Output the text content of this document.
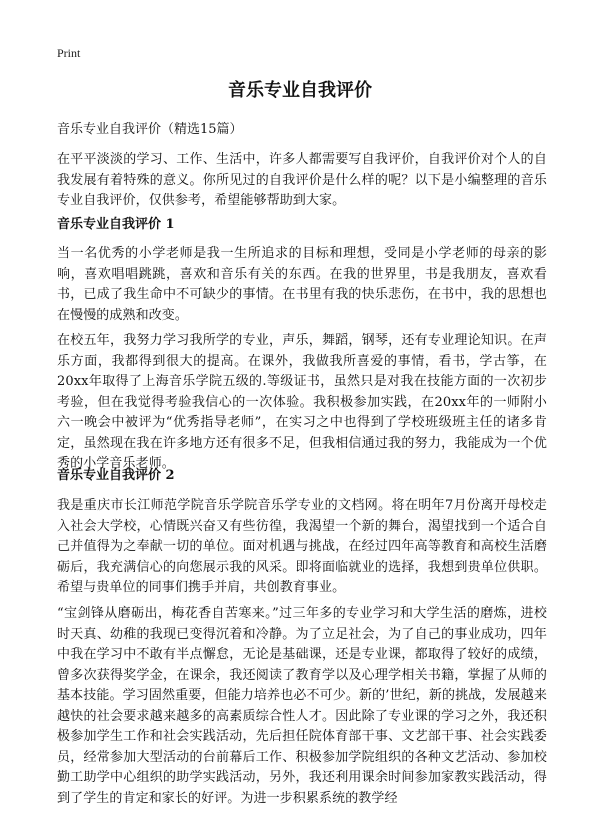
Print
音乐专业自我评价
音乐专业自我评价（精选15篇）

在平平淡淡的学习、工作、生活中，许多人都需要写自我评价，自我评价对个人的自我发展有着特殊的意义。你所见过的自我评价是什么样的呢？以下是小编整理的音乐专业自我评价，仅供参考，希望能够帮助到大家。

音乐专业自我评价 1

当一名优秀的小学老师是我一生所追求的目标和理想，受同是小学老师的母亲的影响，喜欢唱唱跳跳，喜欢和音乐有关的东西。在我的世界里，书是我朋友，喜欢看书，已成了我生命中不可缺少的事情。在书里有我的快乐悲伤，在书中，我的思想也在慢慢的成熟和改变。

在校五年，我努力学习我所学的专业，声乐，舞蹈，钢琴，还有专业理论知识。在声乐方面，我都得到很大的提高。在课外，我做我所喜爱的事情，看书，学古筝，在20xx年取得了上海音乐学院五级的.等级证书，虽然只是对我在技能方面的一次初步考验，但在我觉得考验我信心的一次体验。我积极参加实践，在20xx年的一师附小六一晚会中被评为“优秀指导老师”，在实习之中也得到了学校班级班主任的诸多肯定，虽然现在我在许多地方还有很多不足，但我相信通过我的努力，我能成为一个优秀的小学音乐老师。

音乐专业自我评价 2

我是重庆市长江师范学院音乐学院音乐学专业的文档网。将在明年7月份离开母校走入社会大学校，心情既兴奋又有些彷徨，我渴望一个新的舞台，渴望找到一个适合自己并值得为之奉献一切的单位。面对机遇与挑战，在经过四年高等教育和高校生活磨砺后，我充满信心的向您展示我的风采。即将面临就业的选择，我想到贵单位供职。希望与贵单位的同事们携手并肩，共创教育事业。

“宝剑锋从磨砺出，梅花香自苦寒来。”过三年多的专业学习和大学生活的磨炼，进校时天真、幼稚的我现已变得沉着和冷静。为了立足社会，为了自己的事业成功，四年中我在学习中不敢有半点懈怠，无论是基础课，还是专业课，都取得了较好的成绩，曾多次获得奖学金，在课余，我还阅读了教育学以及心理学相关书籍，掌握了从师的基本技能。学习固然重要，但能力培养也必不可少。新的’世纪，新的挑战，发展越来越快的社会要求越来越多的高素质综合性人才。因此除了专业课的学习之外，我还积极参加学生工作和社会实践活动，先后担任院体育部干事、文艺部干事、社会实践委员，经常参加大型活动的台前幕后工作、积极参加学院组织的各种文艺活动、参加校勤工助学中心组织的助学实践活动，另外，我还利用课余时间参加家教实践活动，得到了学生的肯定和家长的好评。为进一步积累系统的教学经
